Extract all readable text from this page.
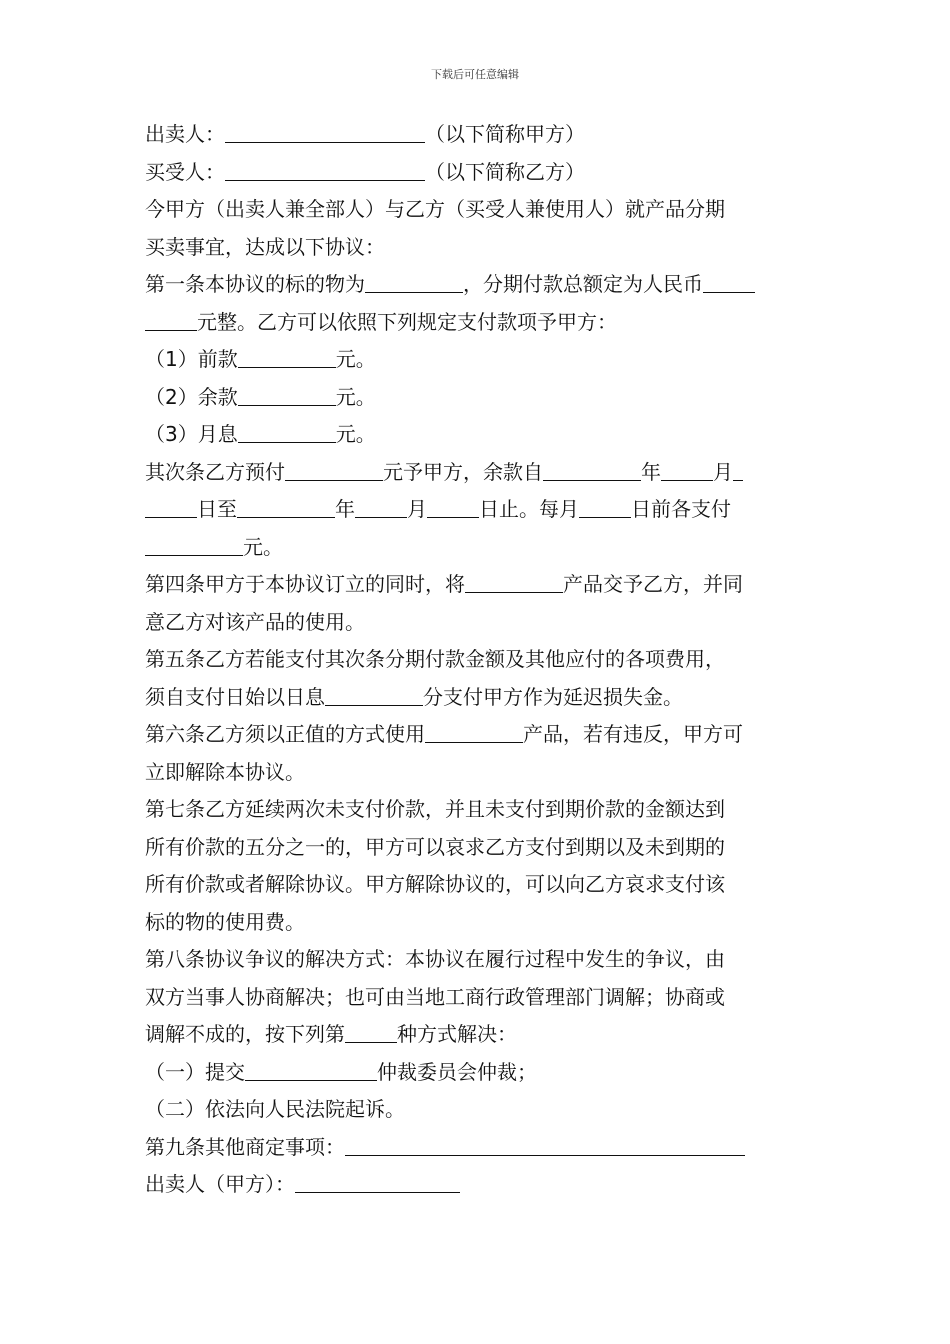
下载后可任意编辑

出卖人：	（以下简称甲方）

买受人：	（以下简称乙方）

今甲方（出卖人兼全部人）与乙方（买受人兼使用人）就产品分期

买卖事宜，达成以下协议：

第一条本协议的标的物为	，分期付款总额定为人民币

元整。乙方可以依照下列规定支付款项予甲方：

（1）前款	元。

（2）余款	元。

（3）月息	元。

其次条乙方预付	元予甲方，余款自	年	月

日至	年	月	日止。每月	日前各支付

元。

第四条甲方于本协议订立的同时，将	产品交予乙方，并同

意乙方对该产品的使用。

第五条乙方若能支付其次条分期付款金额及其他应付的各项费用，

须自支付日始以日息	分支付甲方作为延迟损失金。

第六条乙方须以正值的方式使用	产品，若有违反，甲方可

立即解除本协议。

第七条乙方延续两次未支付价款，并且未支付到期价款的金额达到

所有价款的五分之一的，甲方可以哀求乙方支付到期以及未到期的

所有价款或者解除协议。甲方解除协议的，可以向乙方哀求支付该

标的物的使用费。

第八条协议争议的解决方式：本协议在履行过程中发生的争议，由

双方当事人协商解决；也可由当地工商行政管理部门调解；协商或

调解不成的，按下列第	种方式解决：

（一）提交	仲裁委员会仲裁；

（二）依法向人民法院起诉。

第九条其他商定事项：

出卖人（甲方）：
